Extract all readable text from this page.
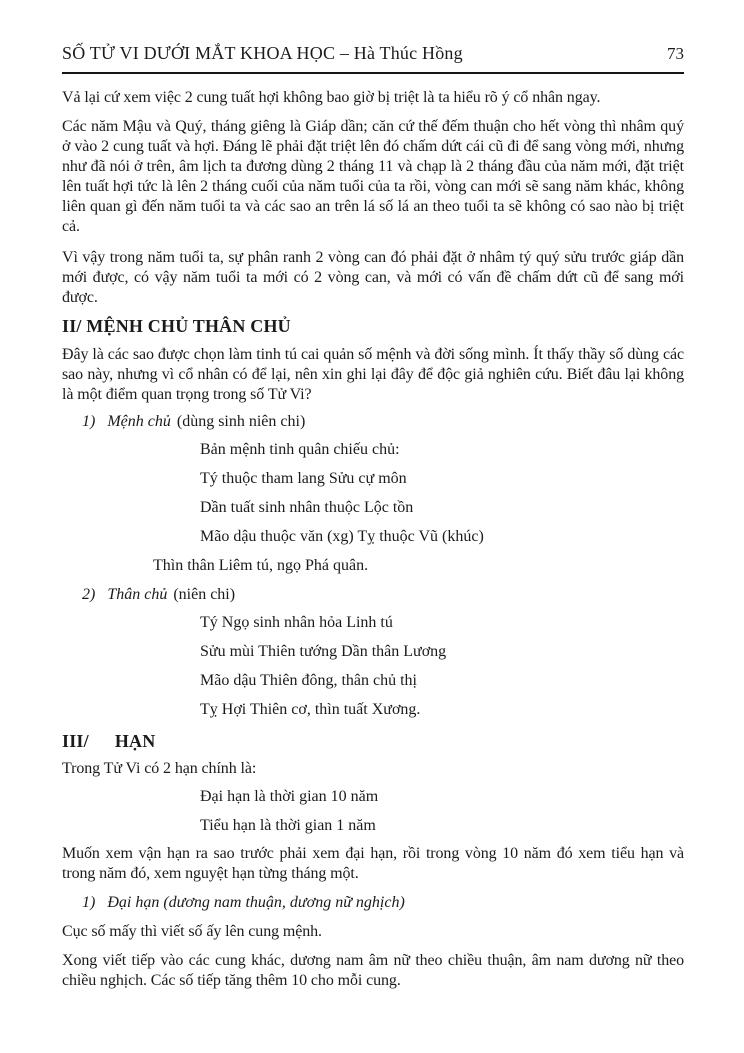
SỐ TỬ VI DƯỚI MẮT KHOA HỌC – Hà Thúc Hồng	73

Vả lại cứ xem việc 2 cung tuất hợi không bao giờ bị triệt là ta hiểu rõ ý cổ nhân ngay.

Các năm Mậu và Quý, tháng giêng là Giáp dần; căn cứ thế đếm thuận cho hết vòng thì nhâm quý ở vào 2 cung tuất và hợi. Đáng lẽ phải đặt triệt lên đó chấm dứt cái cũ đi để sang vòng mới, nhưng như đã nói ở trên, âm lịch ta đương dùng 2 tháng 11 và chạp là 2 tháng đầu của năm mới, đặt triệt lên tuất hợi tức là lên 2 tháng cuối của năm tuổi của ta rồi, vòng can mới sẽ sang năm khác, không liên quan gì đến năm tuổi ta và các sao an trên lá số lá an theo tuổi ta sẽ không có sao nào bị triệt cả.

Vì vậy trong năm tuổi ta, sự phân ranh 2 vòng can đó phải đặt ở nhâm tý quý sửu trước giáp dần mới được, có vậy năm tuổi ta mới có 2 vòng can, và mới có vấn đề chấm dứt cũ để sang mới được.

II/ MỆNH CHỦ THÂN CHỦ

Đây là các sao được chọn làm tinh tú cai quản số mệnh và đời sống mình. Ít thấy thầy số dùng các sao này, nhưng vì cổ nhân có để lại, nên xin ghi lại đây để độc giả nghiên cứu. Biết đâu lại không là một điểm quan trọng trong số Tử Vi?

1) Mệnh chủ (dùng sinh niên chi)

Bản mệnh tinh quân chiếu chủ:
Tý thuộc tham lang Sửu cự môn
Dần tuất sinh nhân thuộc Lộc tồn
Mão dậu thuộc văn (xg) Tỵ thuộc Vũ (khúc)
Thìn thân Liêm tú, ngọ Phá quân.

2) Thân chủ (niên chi)

Tý Ngọ sinh nhân hỏa Linh tú
Sửu mùi Thiên tướng Dần thân Lương
Mão dậu Thiên đông, thân chủ thị
Tỵ Hợi Thiên cơ, thìn tuất Xương.
III/ HẠN

Trong Tử Vi có 2 hạn chính là:

Đại hạn là thời gian 10 năm
Tiểu hạn là thời gian 1 năm

Muốn xem vận hạn ra sao trước phải xem đại hạn, rồi trong vòng 10 năm đó xem tiểu hạn và trong năm đó, xem nguyệt hạn từng tháng một.

1) Đại hạn (dương nam thuận, dương nữ nghịch)

Cục số mấy thì viết số ấy lên cung mệnh.

Xong viết tiếp vào các cung khác, dương nam âm nữ theo chiều thuận, âm nam dương nữ theo chiều nghịch. Các số tiếp tăng thêm 10 cho mỗi cung.
